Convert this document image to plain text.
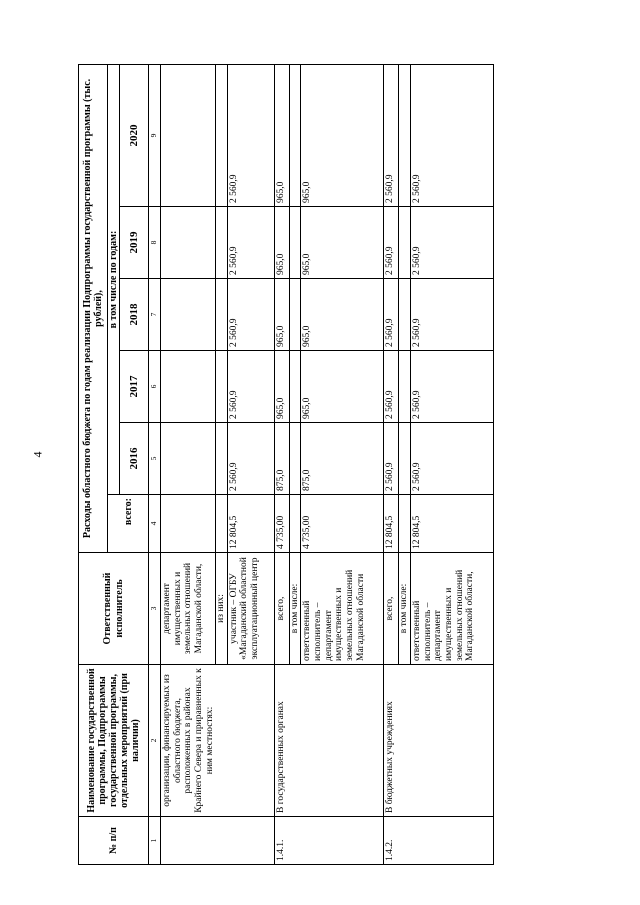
4
№ п/п	Наименование государственной программы, Подпрограммы государственной программы, отдельных мероприятий (при наличии)	Ответственный исполнитель	Расходы областного бюджета по годам реализации Подпрограммы государственной программы (тыс. рублей),					
			всего:	в том числе по годам:				
				2016	2017	2018	2019	2020
1	2	3	4	5	6	7	8	9
	организации, финансируемых из областного бюджета, расположенных в районах Крайнего Севера и приравненных к ним местностях:	департамент имущественных и земельных отношений Магаданской области,						
		из них:						
		участник – ОГБУ «Магаданский областной эксплуатационный центр	12 804,5	2 560,9	2 560,9	2 560,9	2 560,9	2 560,9
1.4.1.	В государственных органах	всего,	4 735,00	875,0	965,0	965,0	965,0	965,0
		в том числе:						
		ответственный исполнитель – департамент имущественных и земельных отношений Магаданской области	4 735,00	875,0	965,0	965,0	965,0	965,0
1.4.2.	В бюджетных учреждениях	всего,	12 804,5	2 560,9	2 560,9	2 560,9	2 560,9	2 560,9
		в том числе:						
		ответственный исполнитель – департамент имущественных и земельных отношений Магаданской области,	12 804,5	2 560,9	2 560,9	2 560,9	2 560,9	2 560,9
